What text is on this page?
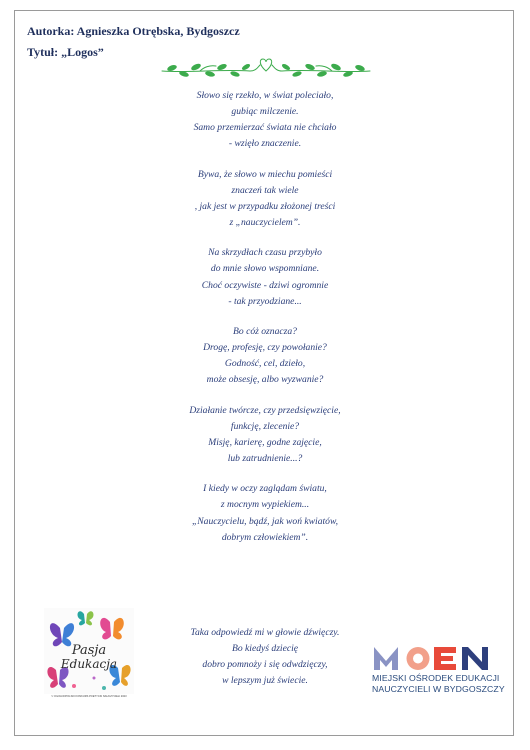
Autorka: Agnieszka Otrębska, Bydgoszcz
Tytuł: „Logos”
Słowo się rzekło, w świat poleciało,
gubiąc milczenie.
Samo przemierzać świata nie chciało
- wzięło znaczenie.
Bywa, że słowo w miechu pomieści
znaczeń tak wiele
, jak jest w przypadku złożonej treści
z „nauczycielem”.
Na skrzydłach czasu przybyło
do mnie słowo wspomniane.
Choć oczywiste - dziwi ogromnie
- tak przyodziane...
Bo cóż oznacza?
Drogę, profesję, czy powołanie?
Godność, cel, dzieło,
może obsesję, albo wyzwanie?
Działanie twórcze, czy przedsięwzięcie,
funkcję, zlecenie?
Misję, karierę, godne zajęcie,
lub zatrudnienie...?
I kiedy w oczy zaglądam światu,
z mocnym wypiekiem...
„Nauczycielu, bądź, jak woń kwiatów,
dobrym człowiekiem”.
Taka odpowiedź mi w głowie dźwięczy.
Bo kiedyś dziecię
dobro pomnoży i się odwdzięczy,
w lepszym już świecie.
Pasja
Edukacja
© OGÓLNOPOLSKI KONKURS POETYCKI NAUCZYCIELI 2023
MIEJSKI OŚRODEK EDUKACJI
NAUCZYCIELI W BYDGOSZCZY
